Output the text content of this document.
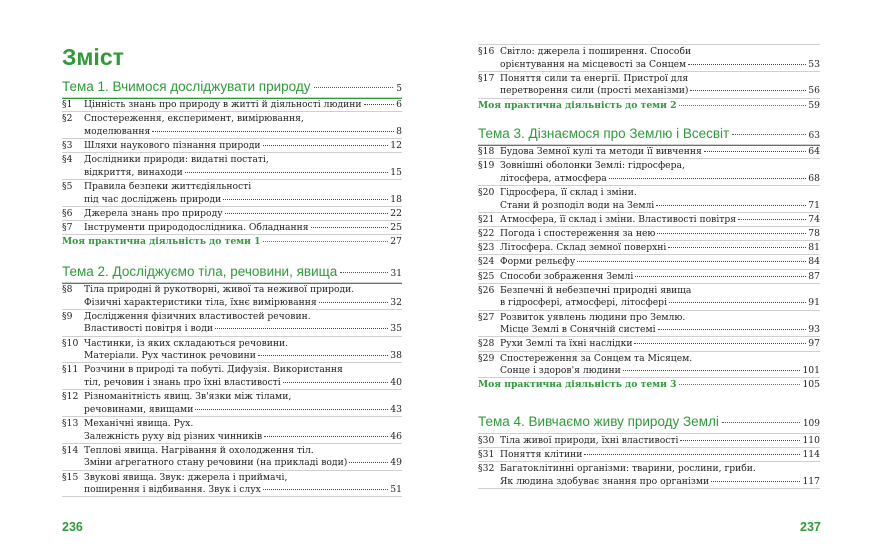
Зміст
Тема 1. Вчимося досліджувати природу	5
§1 Цінність знань про природу в житті й діяльності людини	6
§2 Спостереження, експеримент, вимірювання,
моделювання	8
§3 Шляхи наукового пізнання природи	12
§4 Дослідники природи: видатні постаті,
відкриття, винаходи	15
§5 Правила безпеки життєдіяльності
під час досліджень природи	18
§6 Джерела знань про природу	22
§7 Інструменти природодослідника. Обладнання	25
Моя практична діяльність до теми 1	27
Тема 2. Досліджуємо тіла, речовини, явища	31
§8 Тіла природні й рукотворні, живої та неживої природи.
Фізичні характеристики тіла, їхнє вимірювання	32
§9 Дослідження фізичних властивостей речовин.
Властивості повітря і води	35
§10 Частинки, із яких складаються речовини.
Матеріали. Рух частинок речовини	38
§11 Розчини в природі та побуті. Дифузія. Використання
тіл, речовин і знань про їхні властивості	40
§12 Різноманітність явищ. Зв'язки між тілами,
речовинами, явищами	43
§13 Механічні явища. Рух.
Залежність руху від різних чинників	46
§14 Теплові явища. Нагрівання й охолодження тіл.
Зміни агрегатного стану речовини (на прикладі води)	49
§15 Звукові явища. Звук: джерела і приймачі,
поширення і відбивання. Звук і слух	51
§16 Світло: джерела і поширення. Способи
орієнтування на місцевості за Сонцем	53
§17 Поняття сили та енергії. Пристрої для
перетворення сили (прості механізми)	56
Моя практична діяльність до теми 2	59
Тема 3. Дізнаємося про Землю і Всесвіт	63
§18 Будова Земної кулі та методи її вивчення	64
§19 Зовнішні оболонки Землі: гідросфера,
літосфера, атмосфера	68
§20 Гідросфера, її склад і зміни.
Стани й розподіл води на Землі	71
§21 Атмосфера, її склад і зміни. Властивості повітря	74
§22 Погода і спостереження за нею	78
§23 Літосфера. Склад земної поверхні	81
§24 Форми рельєфу	84
§25 Способи зображення Землі	87
§26 Безпечні й небезпечні природні явища
в гідросфері, атмосфері, літосфері	91
§27 Розвиток уявлень людини про Землю.
Місце Землі в Сонячній системі	93
§28 Рухи Землі та їхні наслідки	97
§29 Спостереження за Сонцем та Місяцем.
Сонце і здоров'я людини	101
Моя практична діяльність до теми 3	105
Тема 4. Вивчаємо живу природу Землі	109
§30 Тіла живої природи, їхні властивості	110
§31 Поняття клітини	114
§32 Багатоклітинні організми: тварини, рослини, гриби.
Як людина здобуває знання про організми	117
236	237
